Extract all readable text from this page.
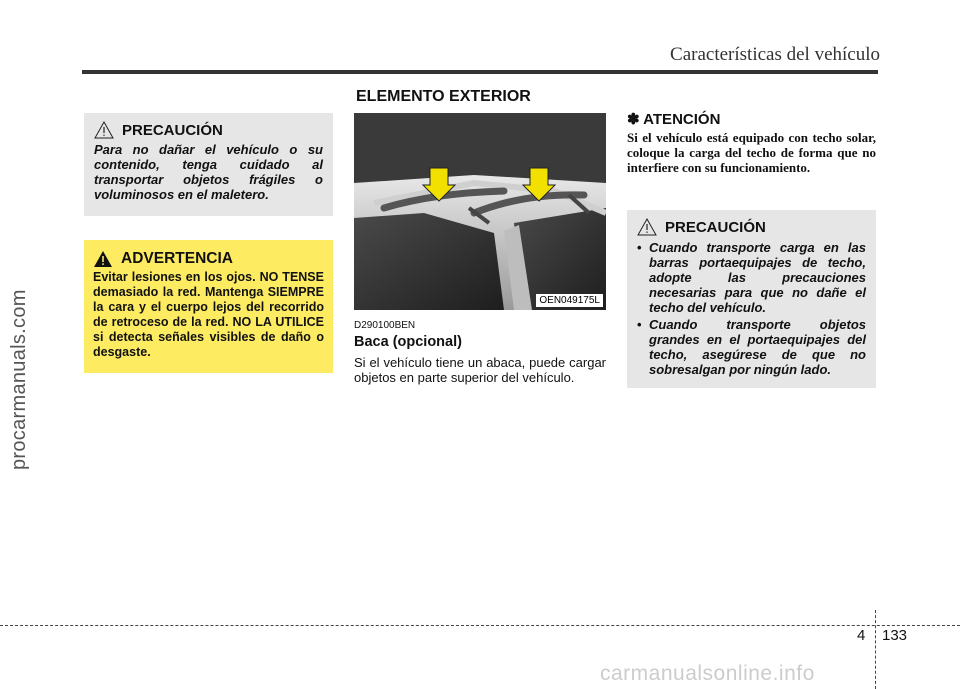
Características del vehículo
procarmanuals.com
ELEMENTO EXTERIOR
PRECAUCIÓN
Para no dañar el vehículo o su contenido, tenga cuidado al transportar objetos frágiles o voluminosos en el maletero.
ADVERTENCIA
Evitar lesiones en los ojos. NO TENSE demasiado la red. Mantenga SIEMPRE la cara y el cuerpo lejos del recorrido de retroceso de la red. NO LA UTILICE si detecta señales visibles de daño o desgaste.
OEN049175L
D290100BEN
Baca (opcional)
Si el vehículo tiene un abaca, puede cargar objetos en parte superior del vehículo.
✽ ATENCIÓN
Si el vehículo está equipado con techo solar, coloque la carga del techo de forma que no interfiere con su funcionamiento.
PRECAUCIÓN
• Cuando transporte carga en las barras portaequipajes de techo, adopte las precauciones necesarias para que no dañe el techo del vehículo.
• Cuando transporte objetos grandes en el portaequipajes del techo, asegúrese de que no sobresalgan por ningún lado.
4 133
carmanualsonline.info
